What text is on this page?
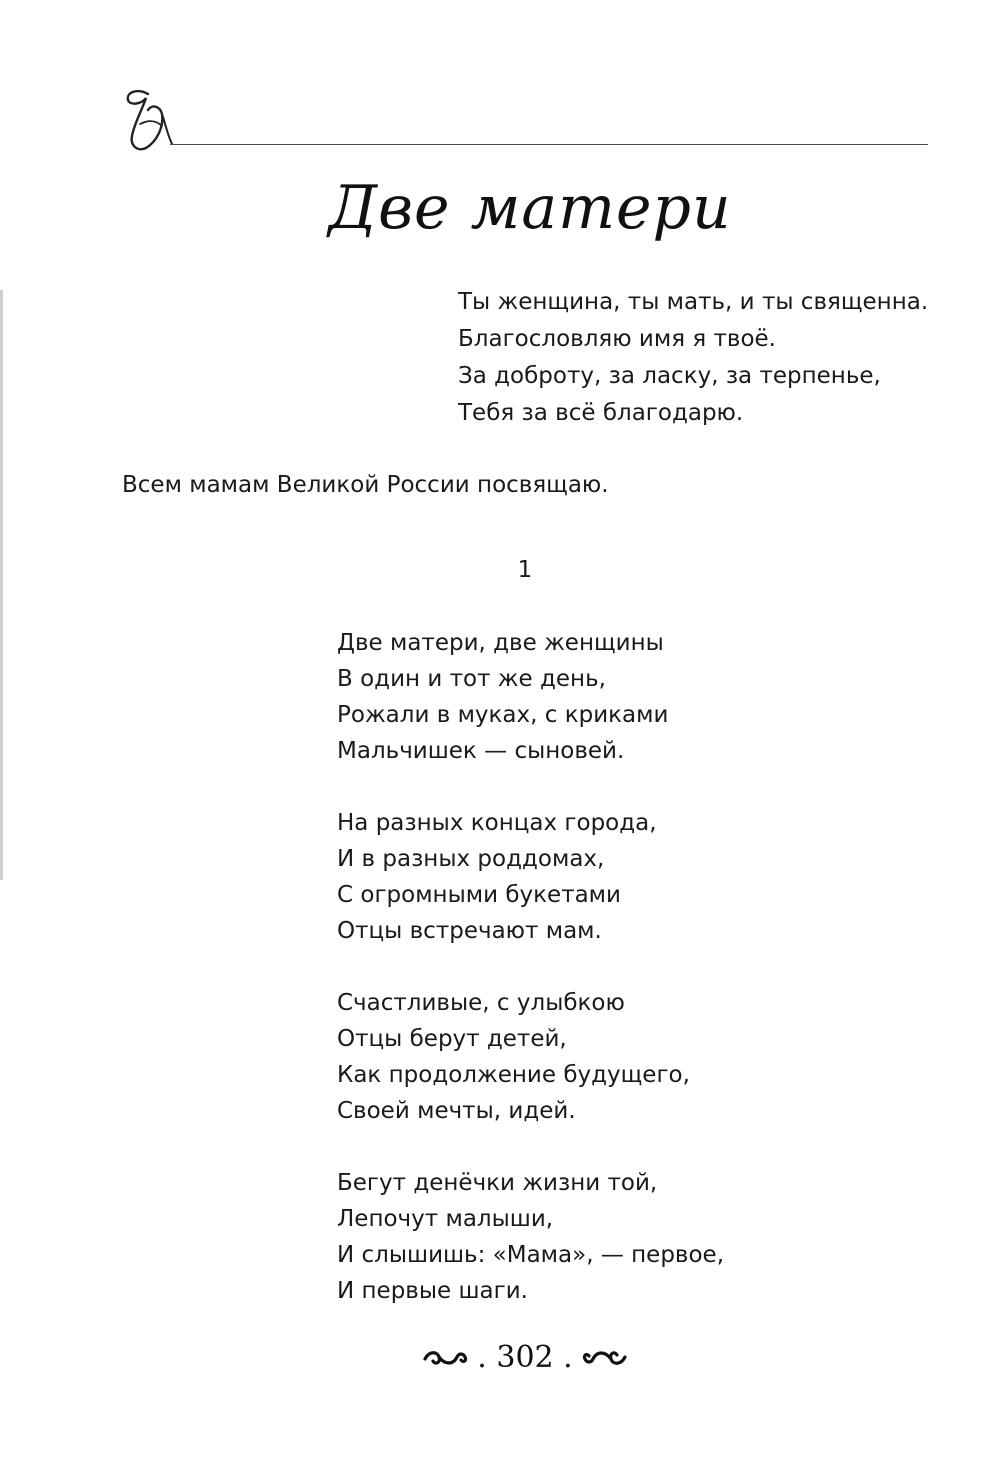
Две матери
Ты женщина, ты мать, и ты священна.
Благословляю имя я твоё.
За доброту, за ласку, за терпенье,
Тебя за всё благодарю.
Всем мамам Великой России посвящаю.
1
Две матери, две женщины
В один и тот же день,
Рожали в муках, с криками
Мальчишек — сыновей.
На разных концах города,
И в разных роддомах,
С огромными букетами
Отцы встречают мам.
Счастливые, с улыбкою
Отцы берут детей,
Как продолжение будущего,
Своей мечты, идей.
Бегут денёчки жизни той,
Лепочут малыши,
И слышишь: «Мама», — первое,
И первые шаги.
. 302 .
